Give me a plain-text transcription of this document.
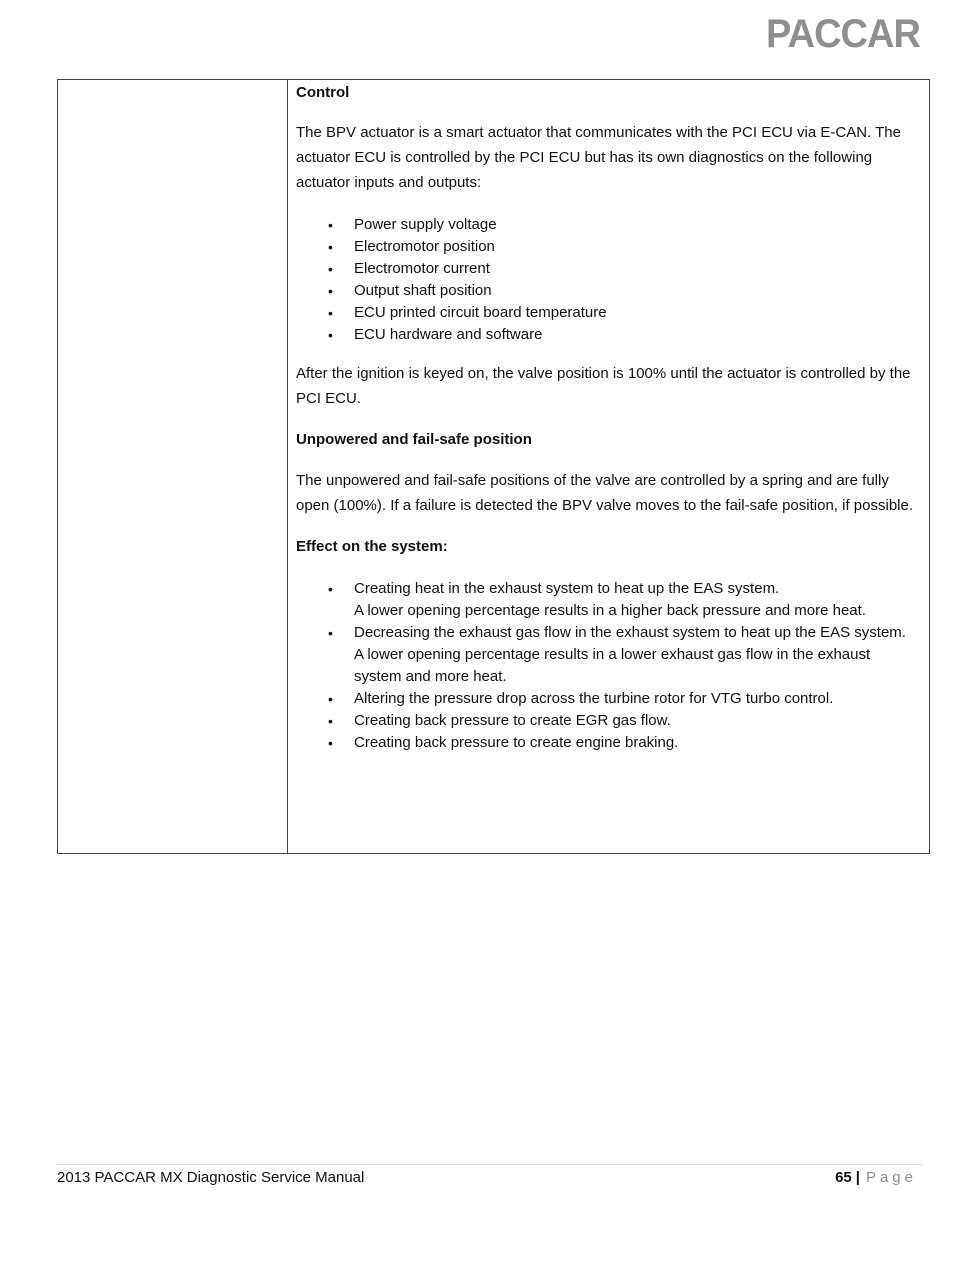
PACCAR

Control

The BPV actuator is a smart actuator that communicates with the PCI ECU via E-CAN. The actuator ECU is controlled by the PCI ECU but has its own diagnostics on the following actuator inputs and outputs:

• Power supply voltage
• Electromotor position
• Electromotor current
• Output shaft position
• ECU printed circuit board temperature
• ECU hardware and software

After the ignition is keyed on, the valve position is 100% until the actuator is controlled by the PCI ECU.

Unpowered and fail-safe position

The unpowered and fail-safe positions of the valve are controlled by a spring and are fully open (100%). If a failure is detected the BPV valve moves to the fail-safe position, if possible.

Effect on the system:

• Creating heat in the exhaust system to heat up the EAS system.
A lower opening percentage results in a higher back pressure and more heat.
• Decreasing the exhaust gas flow in the exhaust system to heat up the EAS system.
A lower opening percentage results in a lower exhaust gas flow in the exhaust system and more heat.
• Altering the pressure drop across the turbine rotor for VTG turbo control.
• Creating back pressure to create EGR gas flow.
• Creating back pressure to create engine braking.
2013 PACCAR MX Diagnostic Service Manual	65 | Page
